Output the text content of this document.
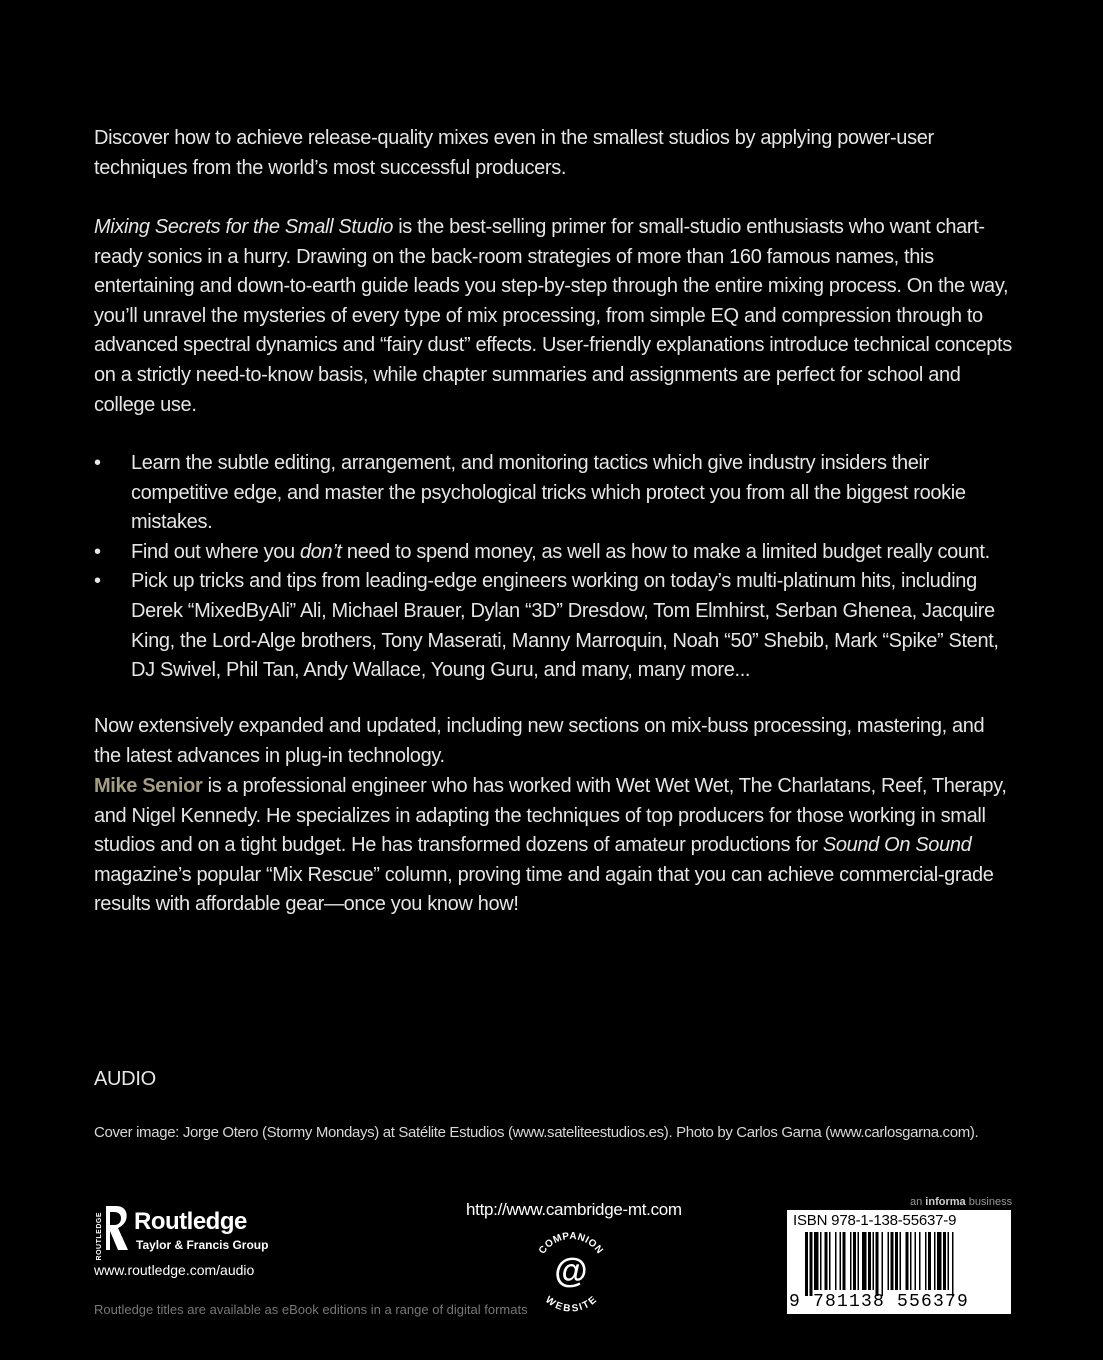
Discover how to achieve release-quality mixes even in the smallest studios by applying power-user techniques from the world’s most successful producers.

Mixing Secrets for the Small Studio is the best-selling primer for small-studio enthusiasts who want chart-ready sonics in a hurry. Drawing on the back-room strategies of more than 160 famous names, this entertaining and down-to-earth guide leads you step-by-step through the entire mixing process. On the way, you’ll unravel the mysteries of every type of mix processing, from simple EQ and compression through to advanced spectral dynamics and “fairy dust” effects. User-friendly explanations introduce technical concepts on a strictly need-to-know basis, while chapter summaries and assignments are perfect for school and college use.

• Learn the subtle editing, arrangement, and monitoring tactics which give industry insiders their competitive edge, and master the psychological tricks which protect you from all the biggest rookie mistakes.
• Find out where you don’t need to spend money, as well as how to make a limited budget really count.
• Pick up tricks and tips from leading-edge engineers working on today’s multi-platinum hits, including Derek “MixedByAli” Ali, Michael Brauer, Dylan “3D” Dresdow, Tom Elmhirst, Serban Ghenea, Jacquire King, the Lord-Alge brothers, Tony Maserati, Manny Marroquin, Noah “50” Shebib, Mark “Spike” Stent, DJ Swivel, Phil Tan, Andy Wallace, Young Guru, and many, many more...

Now extensively expanded and updated, including new sections on mix-buss processing, mastering, and the latest advances in plug-in technology.

Mike Senior is a professional engineer who has worked with Wet Wet Wet, The Charlatans, Reef, Therapy, and Nigel Kennedy. He specializes in adapting the techniques of top producers for those working in small studios and on a tight budget. He has transformed dozens of amateur productions for Sound On Sound magazine’s popular “Mix Rescue” column, proving time and again that you can achieve commercial-grade results with affordable gear—once you know how!

AUDIO
Cover image: Jorge Otero (Stormy Mondays) at Satélite Estudios (www.sateliteestudios.es). Photo by Carlos Garna (www.carlosgarna.com).
ROUTLEDGE Routledge
Taylor & Francis Group
www.routledge.com/audio
Routledge titles are available as eBook editions in a range of digital formats
http://www.cambridge-mt.com
COMPANION
WEBSITE
@
an informa business
ISBN 978-1-138-55637-9
9 781138 556379
